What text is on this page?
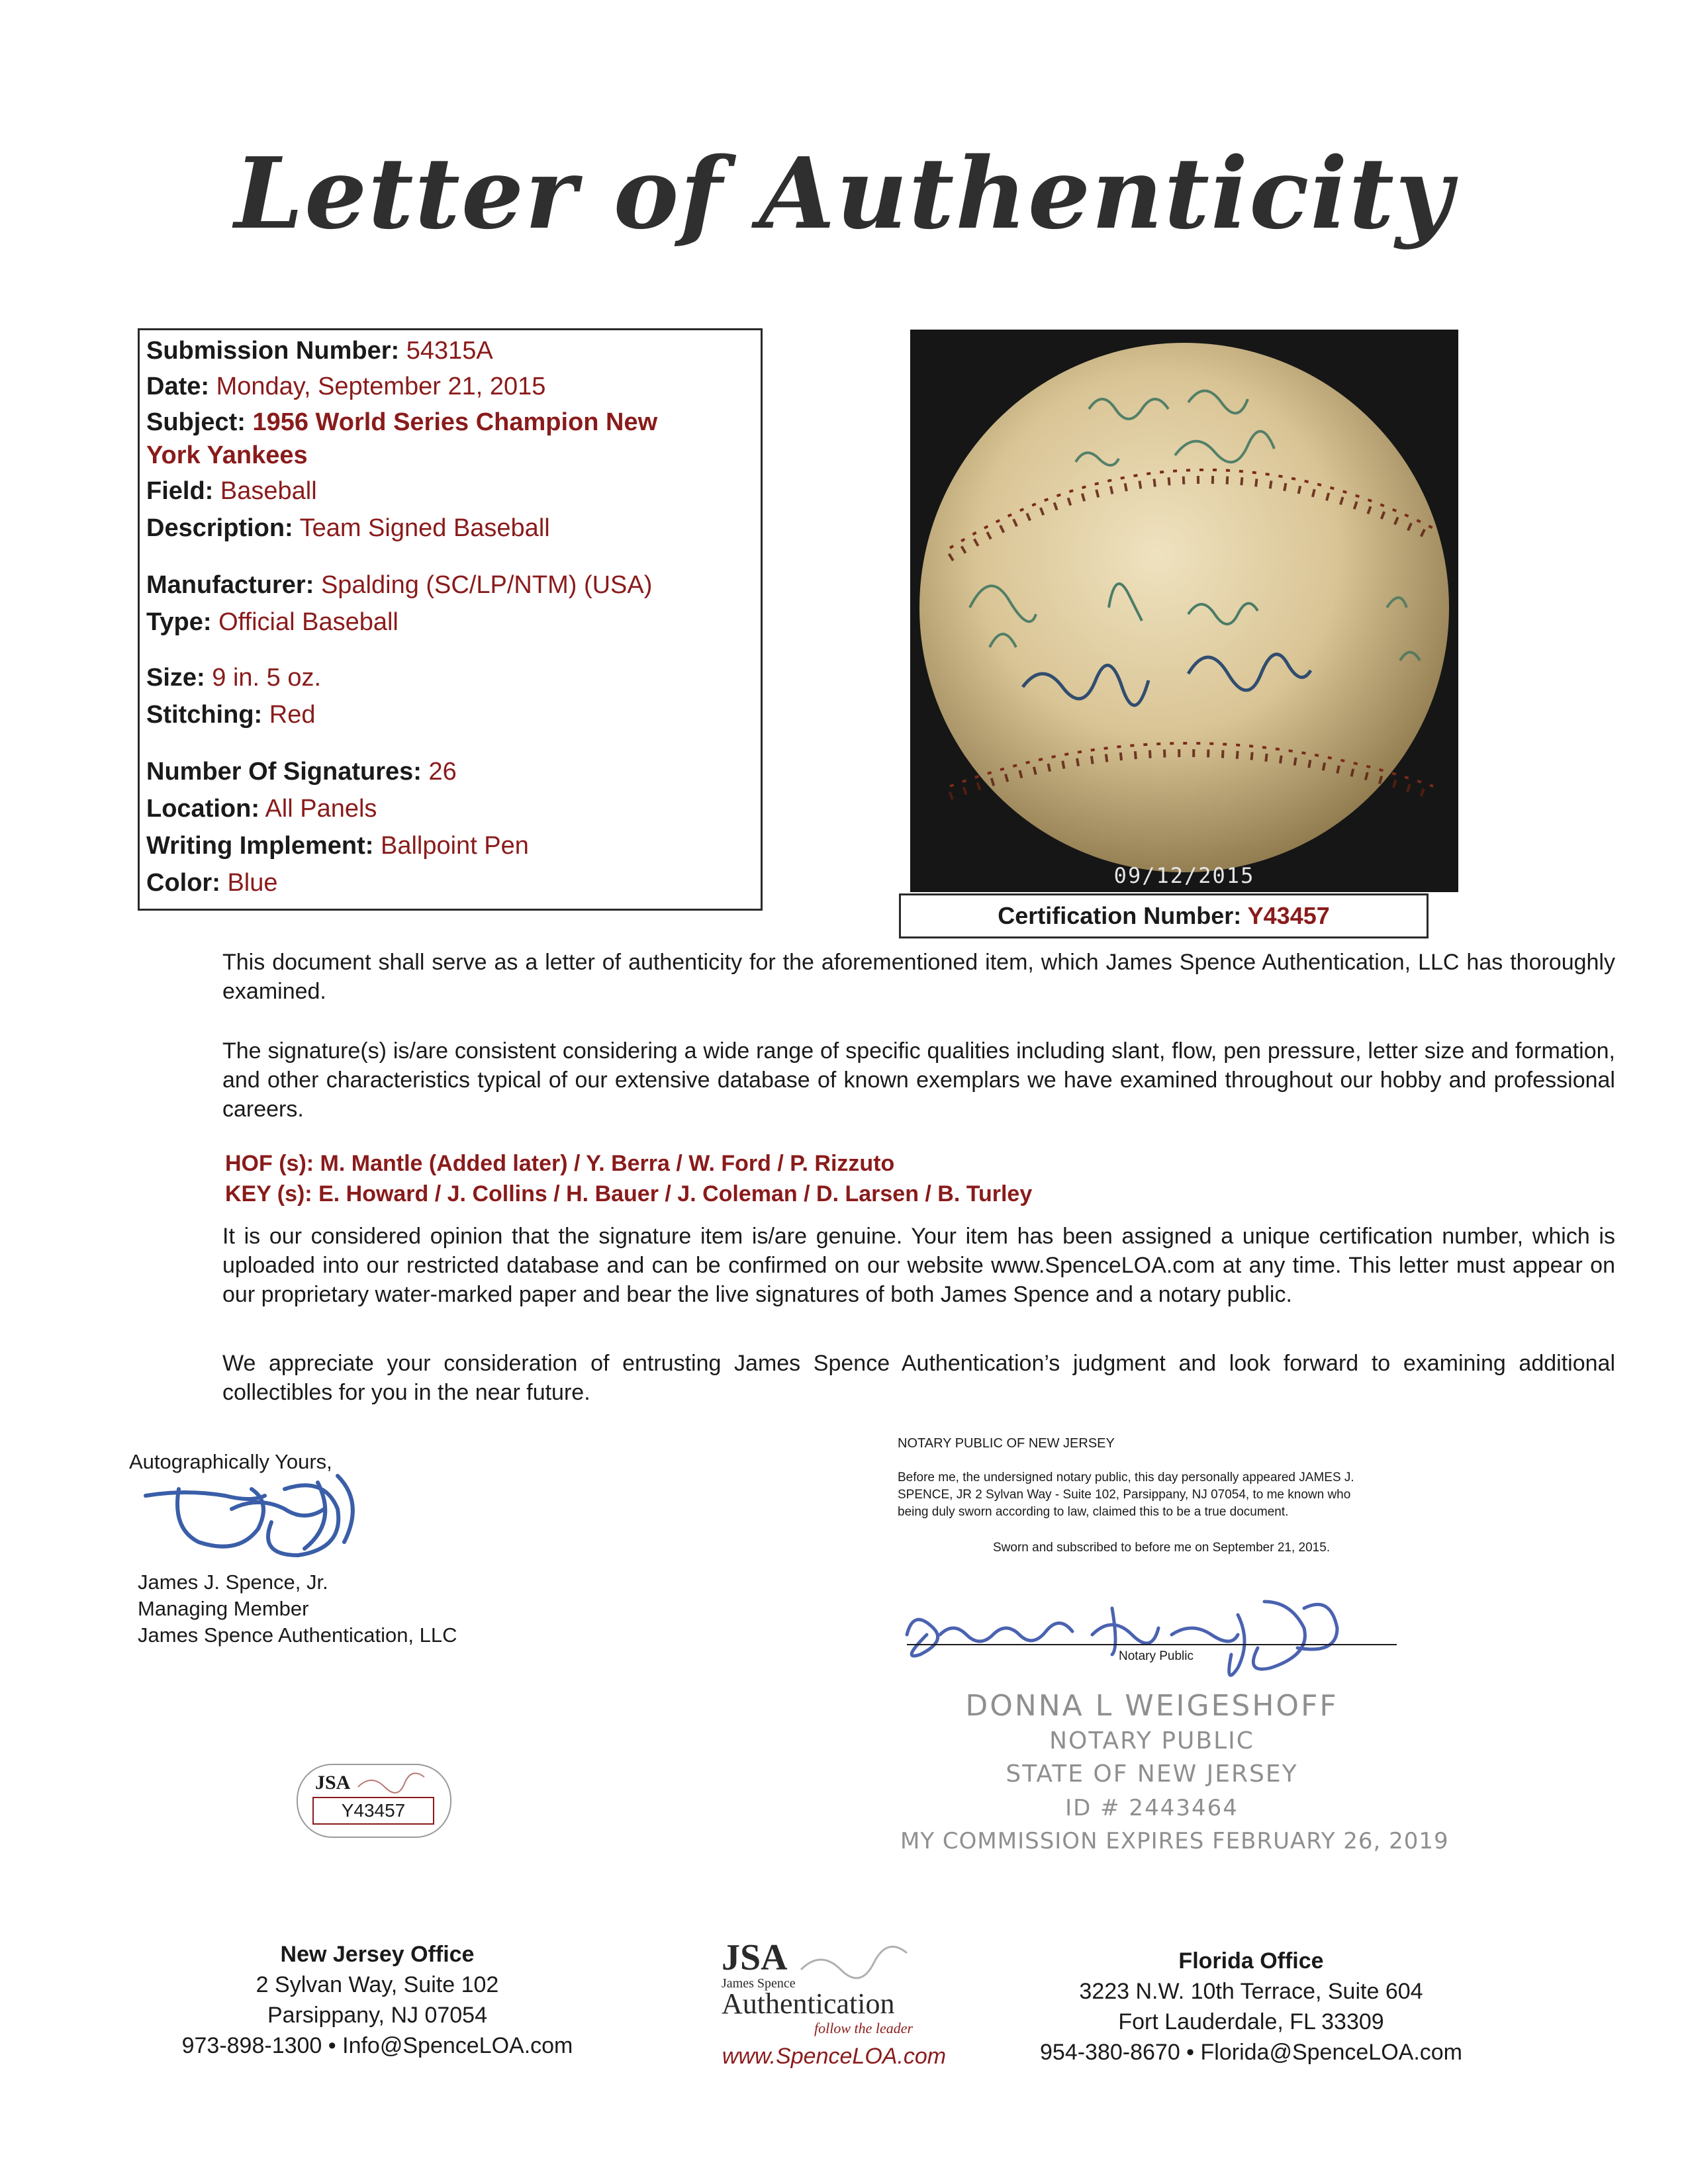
Letter of Authenticity
Submission Number: 54315A
Date: Monday, September 21, 2015
Subject: 1956 World Series Champion New
York Yankees
Field: Baseball
Description: Team Signed Baseball
Manufacturer: Spalding (SC/LP/NTM) (USA)
Type: Official Baseball
Size: 9 in. 5 oz.
Stitching: Red
Number Of Signatures: 26
Location: All Panels
Writing Implement: Ballpoint Pen
Color: Blue	09/12/2015
Certification Number: Y43457
This document shall serve as a letter of authenticity for the aforementioned item, which James Spence Authentication, LLC has thoroughly examined.
The signature(s) is/are consistent considering a wide range of specific qualities including slant, flow, pen pressure, letter size and formation, and other characteristics typical of our extensive database of known exemplars we have examined throughout our hobby and professional careers.
HOF (s): M. Mantle (Added later) / Y. Berra / W. Ford / P. Rizzuto
KEY (s): E. Howard / J. Collins / H. Bauer / J. Coleman / D. Larsen / B. Turley
It is our considered opinion that the signature item is/are genuine. Your item has been assigned a unique certification number, which is uploaded into our restricted database and can be confirmed on our website www.SpenceLOA.com at any time. This letter must appear on our proprietary water-marked paper and bear the live signatures of both James Spence and a notary public.
We appreciate your consideration of entrusting James Spence Authentication’s judgment and look forward to examining additional collectibles for you in the near future.
Autographically Yours,
James J. Spence, Jr.
Managing Member
James Spence Authentication, LLC
JSA
Y43457
NOTARY PUBLIC OF NEW JERSEY
Before me, the undersigned notary public, this day personally appeared JAMES J.
SPENCE, JR 2 Sylvan Way - Suite 102, Parsippany, NJ 07054, to me known who
being duly sworn according to law, claimed this to be a true document.
Sworn and subscribed to before me on September 21, 2015.
Notary Public
DONNA L WEIGESHOFF
NOTARY PUBLIC
STATE OF NEW JERSEY
ID # 2443464
MY COMMISSION EXPIRES FEBRUARY 26, 2019
New Jersey Office
2 Sylvan Way, Suite 102
Parsippany, NJ 07054
973-898-1300 • Info@SpenceLOA.com
JSA
James Spence
Authentication
follow the leader
www.SpenceLOA.com
Florida Office
3223 N.W. 10th Terrace, Suite 604
Fort Lauderdale, FL 33309
954-380-8670 • Florida@SpenceLOA.com
